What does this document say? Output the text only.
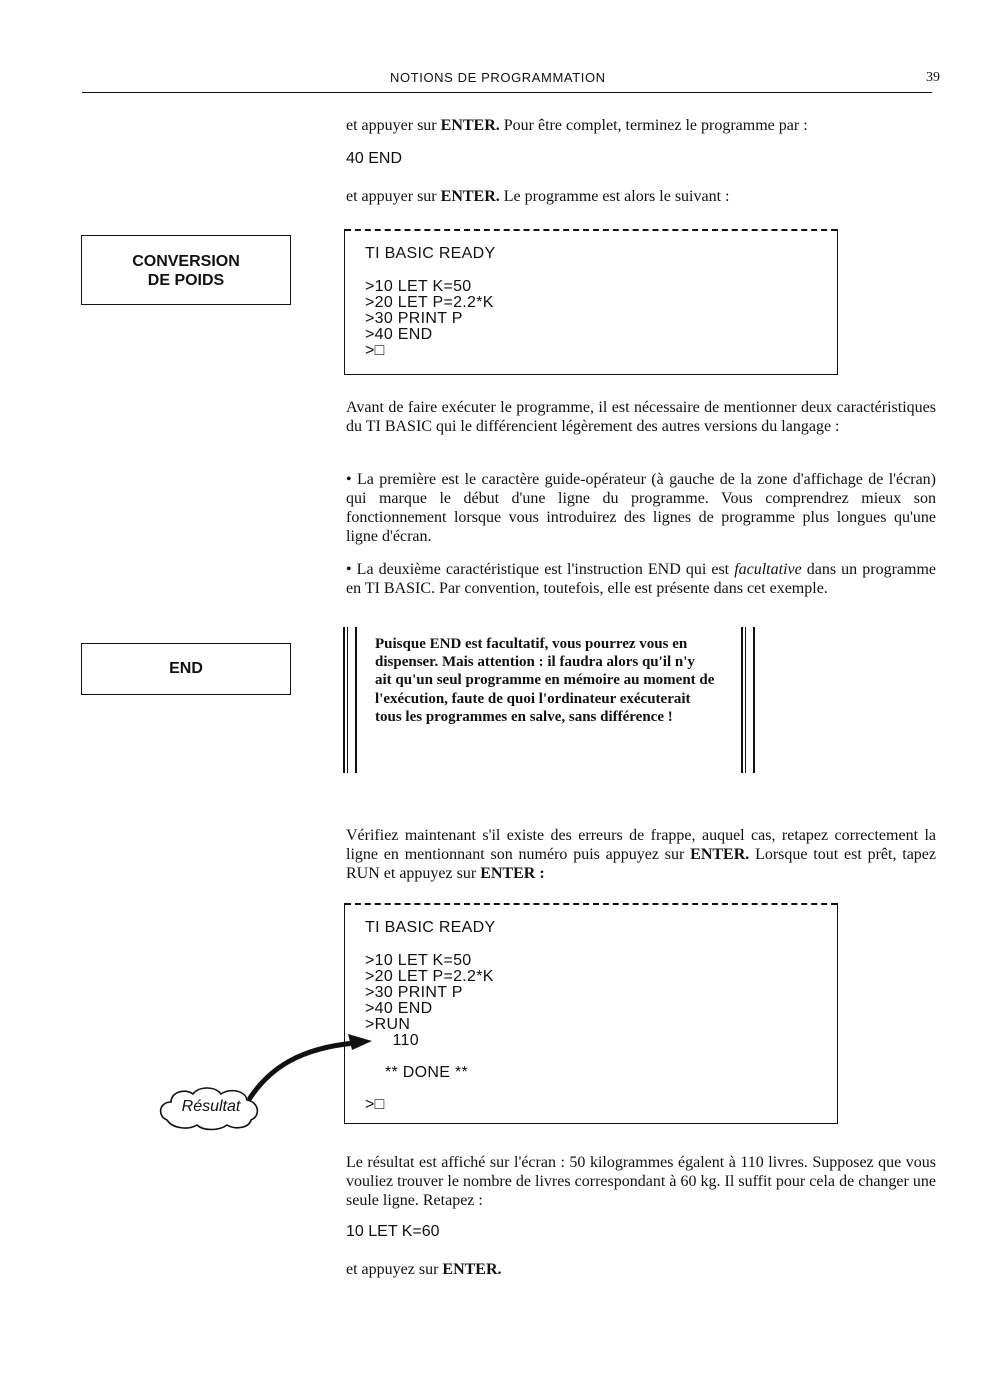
NOTIONS DE PROGRAMMATION	39
et appuyer sur ENTER. Pour être complet, terminez le programme par :
40 END
et appuyer sur ENTER. Le programme est alors le suivant :
CONVERSION
DE POIDS
TI BASIC READY
>10 LET K=50
>20 LET P=2.2*K
>30 PRINT P
>40 END
>□
Avant de faire exécuter le programme, il est nécessaire de mentionner deux caractéristiques du TI BASIC qui le différencient légèrement des autres versions du langage :
• La première est le caractère guide-opérateur (à gauche de la zone d'affichage de l'écran) qui marque le début d'une ligne du programme. Vous comprendrez mieux son fonctionnement lorsque vous introduirez des lignes de programme plus longues qu'une ligne d'écran.
• La deuxième caractéristique est l'instruction END qui est facultative dans un programme en TI BASIC. Par convention, toutefois, elle est présente dans cet exemple.
END
Puisque END est facultatif, vous pourrez vous en dispenser. Mais attention : il faudra alors qu'il n'y ait qu'un seul programme en mémoire au moment de l'exécution, faute de quoi l'ordinateur exécuterait tous les programmes en salve, sans différence !
Vérifiez maintenant s'il existe des erreurs de frappe, auquel cas, retapez correctement la ligne en mentionnant son numéro puis appuyez sur ENTER. Lorsque tout est prêt, tapez RUN et appuyez sur ENTER :
TI BASIC READY
>10 LET K=50
>20 LET P=2.2*K
>30 PRINT P
>40 END
>RUN
110
** DONE **
>□
Résultat
Le résultat est affiché sur l'écran : 50 kilogrammes égalent à 110 livres. Supposez que vous vouliez trouver le nombre de livres correspondant à 60 kg. Il suffit pour cela de changer une seule ligne. Retapez :
10 LET K=60
et appuyez sur ENTER.
